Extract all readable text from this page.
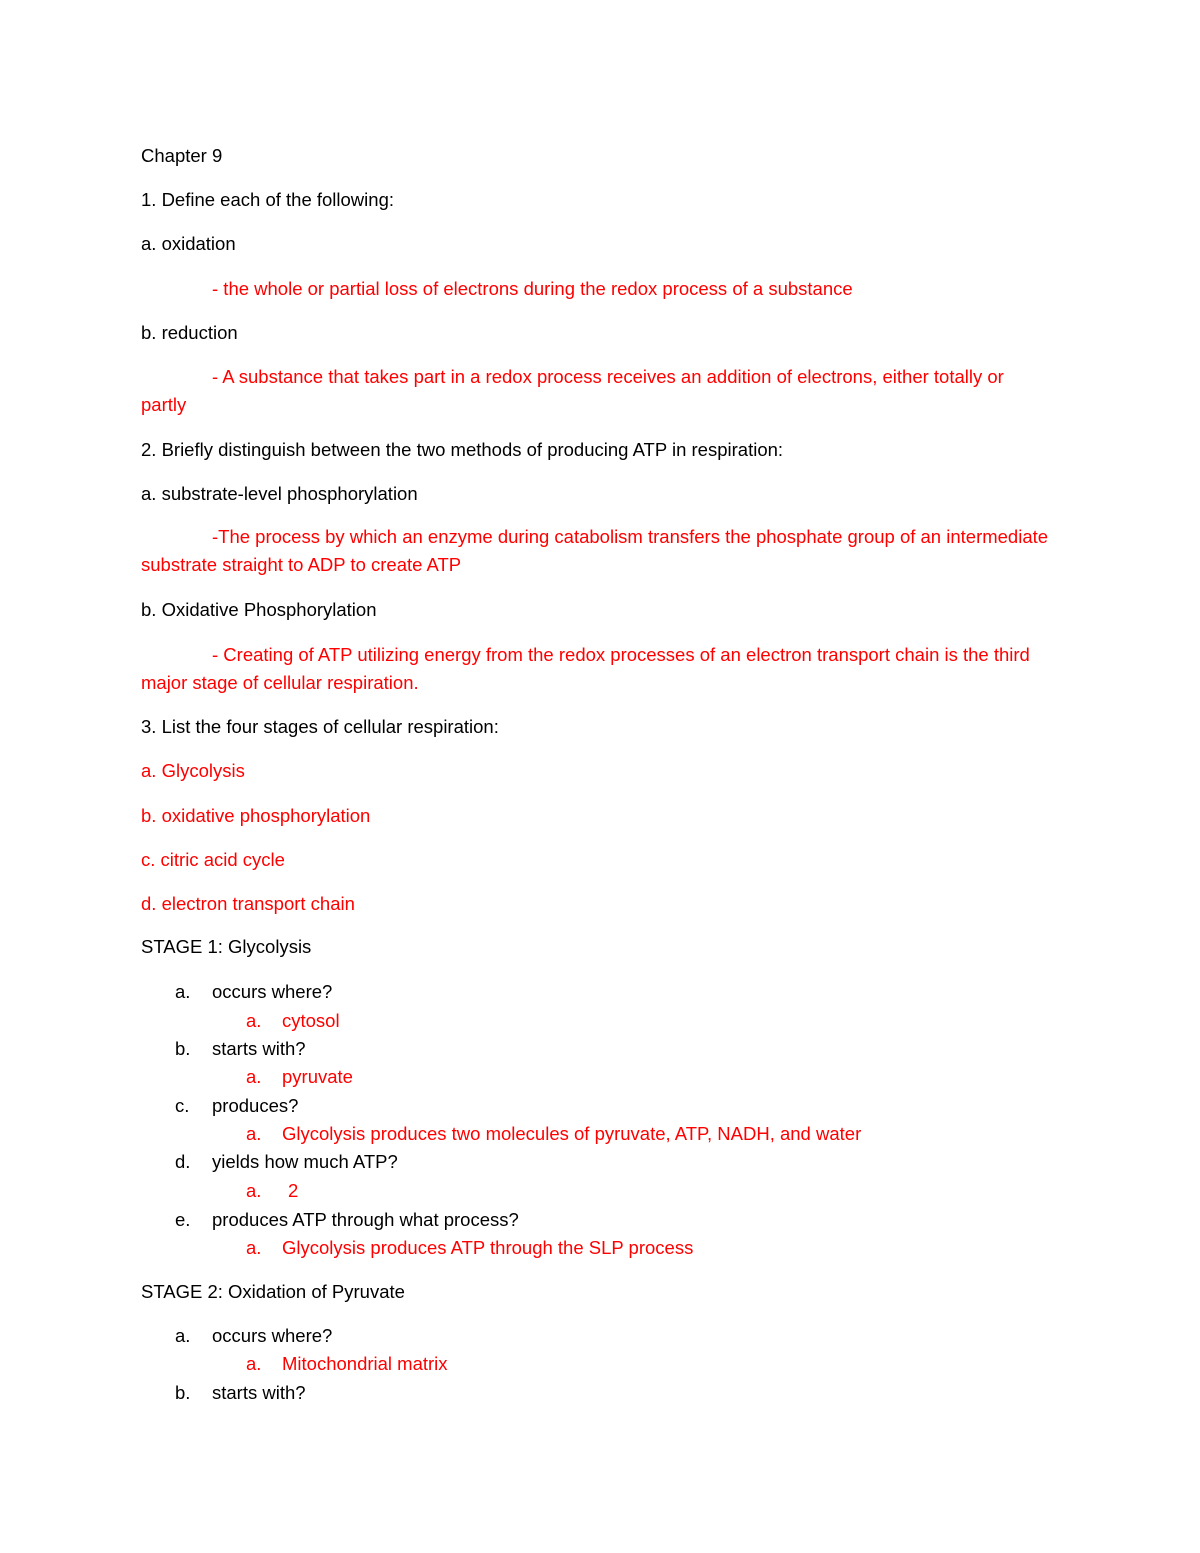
Chapter 9
1. Define each of the following:
a. oxidation
- the whole or partial loss of electrons during the redox process of a substance
b. reduction
- A substance that takes part in a redox process receives an addition of electrons, either totally or partly
2. Briefly distinguish between the two methods of producing ATP in respiration:
a. substrate-level phosphorylation
-The process by which an enzyme during catabolism transfers the phosphate group of an intermediate substrate straight to ADP to create ATP
b. Oxidative Phosphorylation
- Creating of ATP utilizing energy from the redox processes of an electron transport chain is the third major stage of cellular respiration.
3. List the four stages of cellular respiration:
a. Glycolysis
b. oxidative phosphorylation
c. citric acid cycle
d. electron transport chain
STAGE 1: Glycolysis
a. occurs where?
a. cytosol
b. starts with?
a. pyruvate
c. produces?
a. Glycolysis produces two molecules of pyruvate, ATP, NADH, and water
d. yields how much ATP?
a. 2
e. produces ATP through what process?
a. Glycolysis produces ATP through the SLP process
STAGE 2: Oxidation of Pyruvate
a. occurs where?
a. Mitochondrial matrix
b. starts with?
